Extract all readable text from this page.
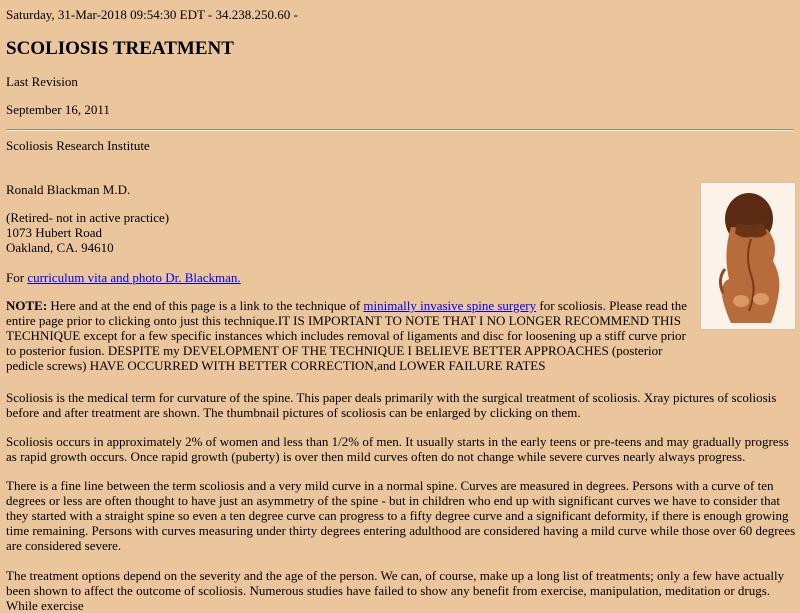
Saturday, 31-Mar-2018 09:54:30 EDT - 34.238.250.60 -
SCOLIOSIS TREATMENT

Last Revision

September 16, 2011

Scoliosis Research Institute

Ronald Blackman M.D.

(Retired- not in active practice)
1073 Hubert Road
Oakland, CA. 94610

For curriculum vita and photo Dr. Blackman.

NOTE: Here and at the end of this page is a link to the technique of minimally invasive spine surgery for scoliosis. Please read the entire page prior to clicking onto just this technique.IT IS IMPORTANT TO NOTE THAT I NO LONGER RECOMMEND THIS TECHNIQUE except for a few specific instances which includes removal of ligaments and disc for loosening up a stiff curve prior to posterior fusion. DESPITE my DEVELOPMENT OF THE TECHNIQUE I BELIEVE BETTER APPROACHES (posterior pedicle screws) HAVE OCCURRED WITH BETTER CORRECTION,and LOWER FAILURE RATES

Scoliosis is the medical term for curvature of the spine. This paper deals primarily with the surgical treatment of scoliosis. Xray pictures of scoliosis before and after treatment are shown. The thumbnail pictures of scoliosis can be enlarged by clicking on them.

Scoliosis occurs in approximately 2% of women and less than 1/2% of men. It usually starts in the early teens or pre-teens and may gradually progress as rapid growth occurs. Once rapid growth (puberty) is over then mild curves often do not change while severe curves nearly always progress.

There is a fine line between the term scoliosis and a very mild curve in a normal spine. Curves are measured in degrees. Persons with a curve of ten degrees or less are often thought to have just an asymmetry of the spine - but in children who end up with significant curves we have to consider that they started with a straight spine so even a ten degree curve can progress to a fifty degree curve and a significant deformity, if there is enough growing time remaining. Persons with curves measuring under thirty degrees entering adulthood are considered having a mild curve while those over 60 degrees are considered severe.

The treatment options depend on the severity and the age of the person. We can, of course, make up a long list of treatments; only a few have actually been shown to affect the outcome of scoliosis. Numerous studies have failed to show any benefit from exercise, manipulation, meditation or drugs. While exercise
